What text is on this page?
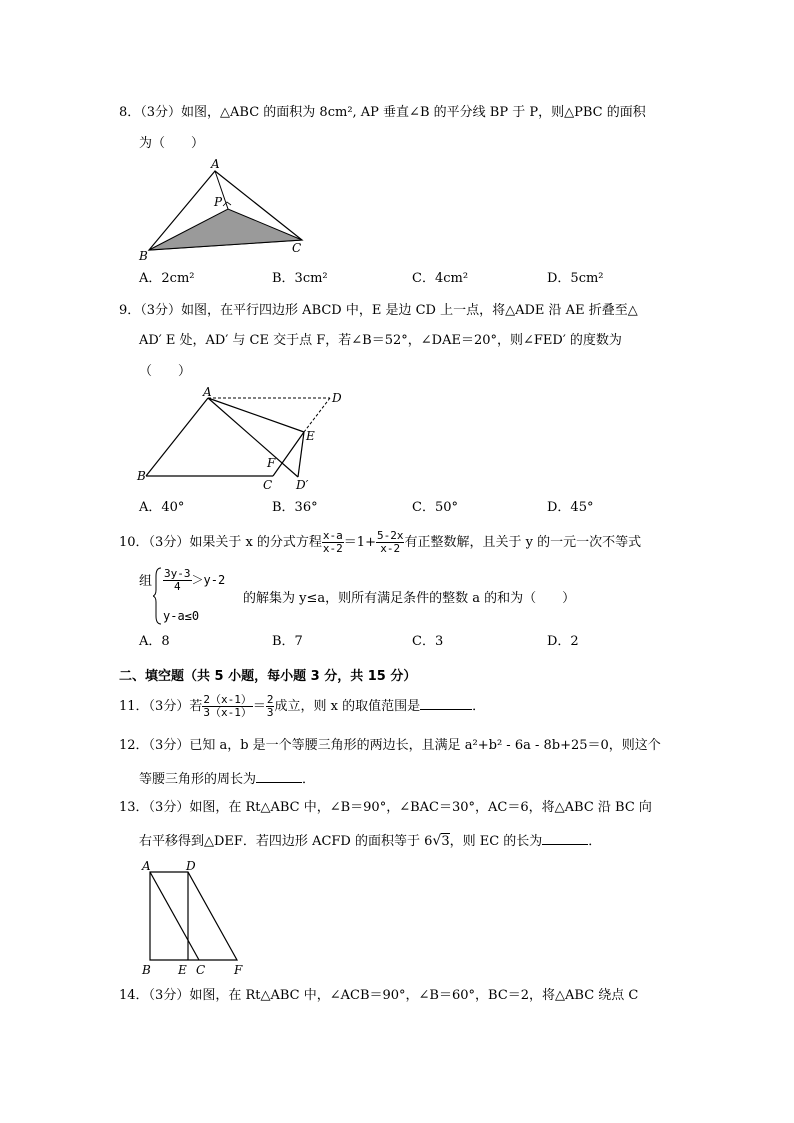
8．（3分）如图，△ABC 的面积为 8cm², AP 垂直∠B 的平分线 BP 于 P，则△PBC 的面积
为（　　）
A
P
B
C
A．2cm²	B．3cm²	C．4cm²	D．5cm²
9．（3分）如图，在平行四边形 ABCD 中，E 是边 CD 上一点，将△ADE 沿 AE 折叠至△
AD′ E 处，AD′ 与 CE 交于点 F，若∠B＝52°，∠DAE＝20°，则∠FED′ 的度数为
（　　）
A	D
E
F
B
C D′
A．40°	B．36°	C．50°	D．45°
10．（3分）如果关于 x 的分式方程 $\frac{x-a}{x-2} =1+ \frac{5-2x}{x-2}$ 有正整数解，且关于 y 的一元一次不等式
组 $\frac{3y-3}{4} >y-2$
的解集为 y≤a，则所有满足条件的整数 a 的和为（　　）
y-a≤0
A．8	B．7	C．3	D．2
二、填空题（共 5 小题，每小题 3 分，共 15 分）
11．（3分）若 $\frac{2(x-1)}{3(x-1)} = \frac{2}{3}$ 成立，则 x 的取值范围是	．
12．（3分）已知 a，b 是一个等腰三角形的两边长，且满足 a²+b² - 6a - 8b+25＝0，则这个
等腰三角形的周长为	．
13．（3分）如图，在 Rt△ABC 中，∠B＝90°，∠BAC＝30°，AC＝6，将△ABC 沿 BC 向
右平移得到△DEF．若四边形 ACFD 的面积等于 6√3，则 EC 的长为	．
A	D
B E C F
14．（3分）如图，在 Rt△ABC 中，∠ACB＝90°，∠B＝60°，BC＝2，将△ABC 绕点 C
